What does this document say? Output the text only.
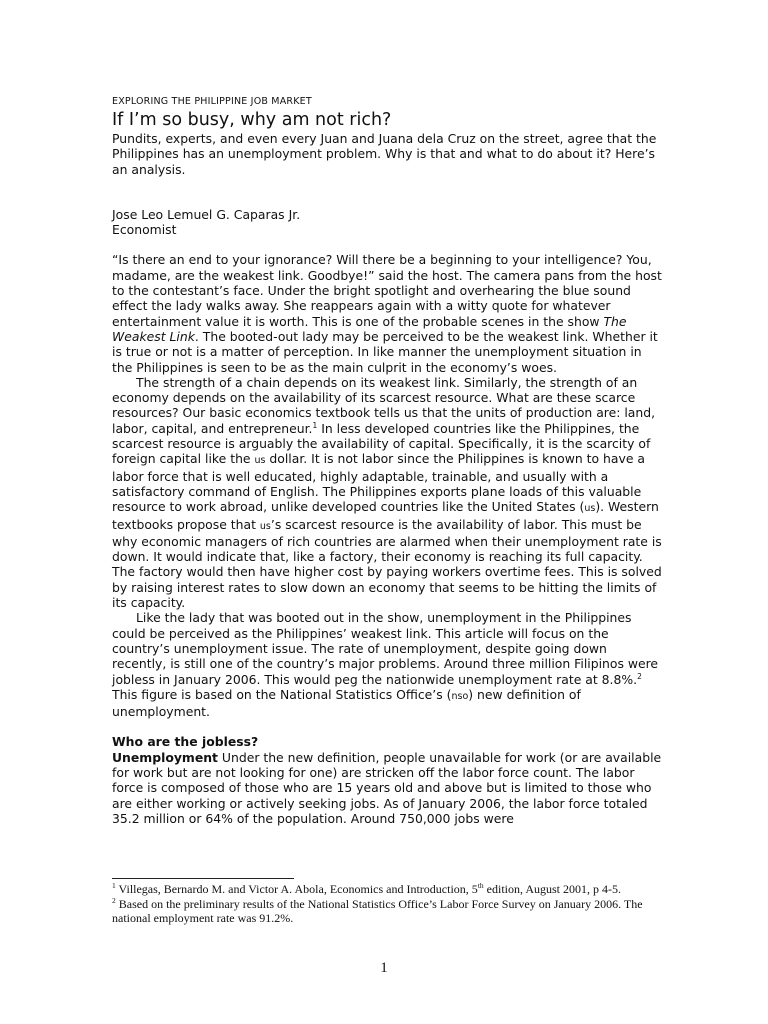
EXPLORING THE PHILIPPINE JOB MARKET
If I’m so busy, why am not rich?

Pundits, experts, and even every Juan and Juana dela Cruz on the street, agree that the Philippines has an unemployment problem. Why is that and what to do about it? Here’s an analysis.

Jose Leo Lemuel G. Caparas Jr.
Economist

“Is there an end to your ignorance? Will there be a beginning to your intelligence? You, madame, are the weakest link. Goodbye!” said the host. The camera pans from the host to the contestant’s face. Under the bright spotlight and overhearing the blue sound effect the lady walks away. She reappears again with a witty quote for whatever entertainment value it is worth. This is one of the probable scenes in the show The Weakest Link. The booted-out lady may be perceived to be the weakest link. Whether it is true or not is a matter of perception. In like manner the unemployment situation in the Philippines is seen to be as the main culprit in the economy’s woes.

The strength of a chain depends on its weakest link. Similarly, the strength of an economy depends on the availability of its scarcest resource. What are these scarce resources? Our basic economics textbook tells us that the units of production are: land, labor, capital, and entrepreneur.$^1$ In less developed countries like the Philippines, the scarcest resource is arguably the availability of capital. Specifically, it is the scarcity of foreign capital like the us dollar. It is not labor since the Philippines is known to have a labor force that is well educated, highly adaptable, trainable, and usually with a satisfactory command of English. The Philippines exports plane loads of this valuable resource to work abroad, unlike developed countries like the United States (us). Western textbooks propose that us’s scarcest resource is the availability of labor. This must be why economic managers of rich countries are alarmed when their unemployment rate is down. It would indicate that, like a factory, their economy is reaching its full capacity. The factory would then have higher cost by paying workers overtime fees. This is solved by raising interest rates to slow down an economy that seems to be hitting the limits of its capacity.

Like the lady that was booted out in the show, unemployment in the Philippines could be perceived as the Philippines’ weakest link. This article will focus on the country’s unemployment issue. The rate of unemployment, despite going down recently, is still one of the country’s major problems. Around three million Filipinos were jobless in January 2006. This would peg the nationwide unemployment rate at 8.8%.$^2$ This figure is based on the National Statistics Office’s (nso) new definition of unemployment.

Who are the jobless?

Unemployment Under the new definition, people unavailable for work (or are available for work but are not looking for one) are stricken off the labor force count. The labor force is composed of those who are 15 years old and above but is limited to those who are either working or actively seeking jobs. As of January 2006, the labor force totaled 35.2 million or 64% of the population. Around 750,000 jobs were

$^1$ Villegas, Bernardo M. and Victor A. Abola, Economics and Introduction, 5th edition, August 2001, p 4-5.

$^2$ Based on the preliminary results of the National Statistics Office’s Labor Force Survey on January 2006. The national employment rate was 91.2%.

1
